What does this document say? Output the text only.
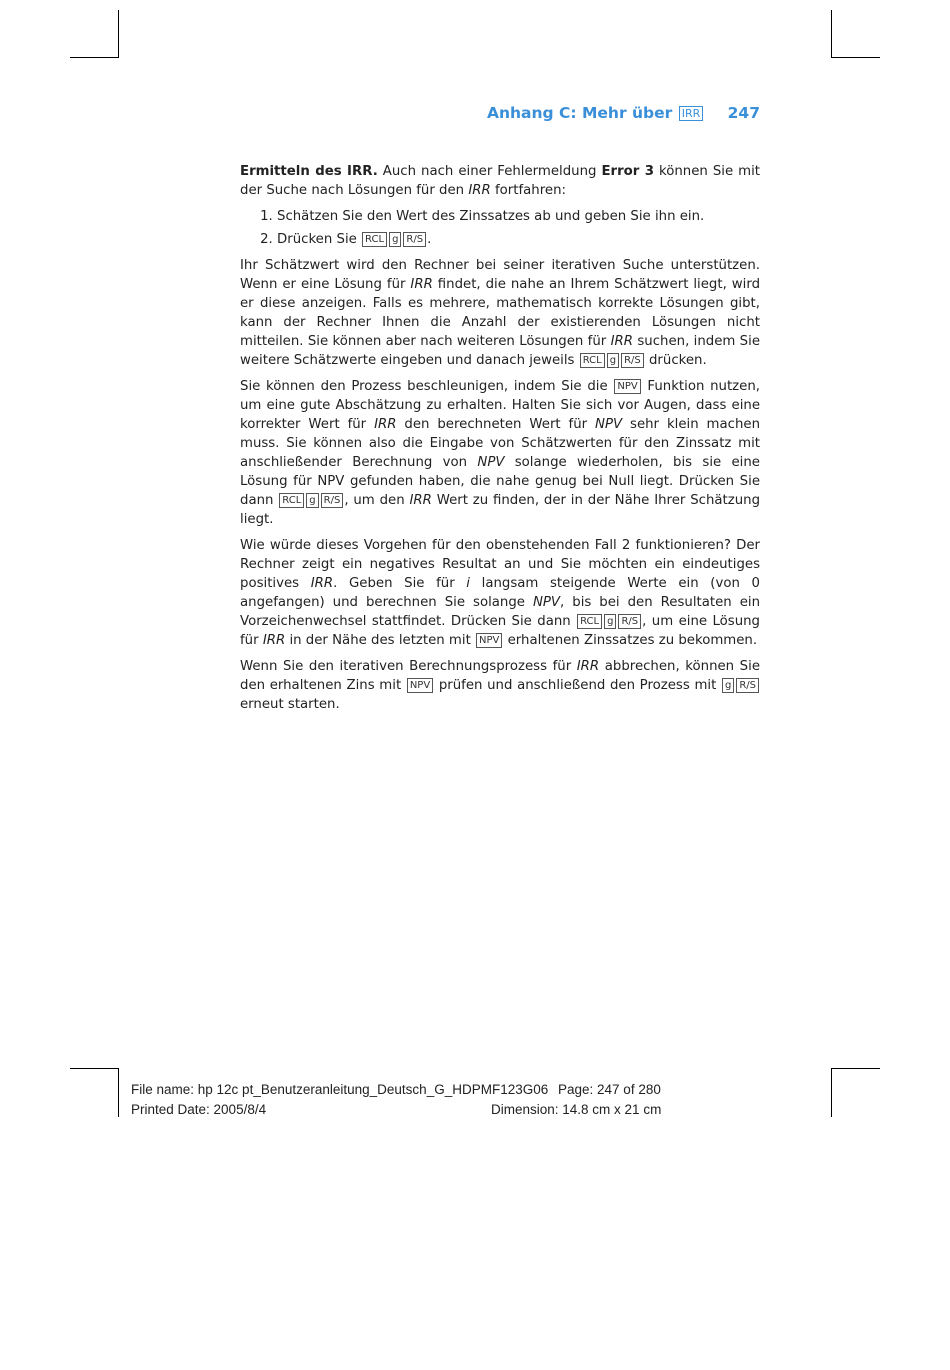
Anhang C: Mehr über IRR 247

Ermitteln des IRR. Auch nach einer Fehlermeldung Error 3 können Sie mit der Suche nach Lösungen für den IRR fortfahren:

1. Schätzen Sie den Wert des Zinssatzes ab und geben Sie ihn ein.
2. Drücken Sie RCL g R/S .

Ihr Schätzwert wird den Rechner bei seiner iterativen Suche unterstützen. Wenn er eine Lösung für IRR findet, die nahe an Ihrem Schätzwert liegt, wird er diese anzeigen. Falls es mehrere, mathematisch korrekte Lösungen gibt, kann der Rechner Ihnen die Anzahl der existierenden Lösungen nicht mitteilen. Sie können aber nach weiteren Lösungen für IRR suchen, indem Sie weitere Schätzwerte eingeben und danach jeweils RCL g R/S drücken.

Sie können den Prozess beschleunigen, indem Sie die NPV Funktion nutzen, um eine gute Abschätzung zu erhalten. Halten Sie sich vor Augen, dass eine korrekter Wert für IRR den berechneten Wert für NPV sehr klein machen muss. Sie können also die Eingabe von Schätzwerten für den Zinssatz mit anschließender Berechnung von NPV solange wiederholen, bis sie eine Lösung für NPV gefunden haben, die nahe genug bei Null liegt. Drücken Sie dann RCL g R/S , um den IRR Wert zu finden, der in der Nähe Ihrer Schätzung liegt.

Wie würde dieses Vorgehen für den obenstehenden Fall 2 funktionieren? Der Rechner zeigt ein negatives Resultat an und Sie möchten ein eindeutiges positives IRR. Geben Sie für i langsam steigende Werte ein (von 0 angefangen) und berechnen Sie solange NPV, bis bei den Resultaten ein Vorzeichenwechsel stattfindet. Drücken Sie dann RCL g R/S , um eine Lösung für IRR in der Nähe des letzten mit NPV erhaltenen Zinssatzes zu bekommen.

Wenn Sie den iterativen Berechnungsprozess für IRR abbrechen, können Sie den erhaltenen Zins mit NPV prüfen und anschließend den Prozess mit g R/S erneut starten.

File name: hp 12c pt_Benutzeranleitung_Deutsch_G_HDPMF123G06 Page: 247 of 280
Printed Date: 2005/8/4	Dimension: 14.8 cm x 21 cm
